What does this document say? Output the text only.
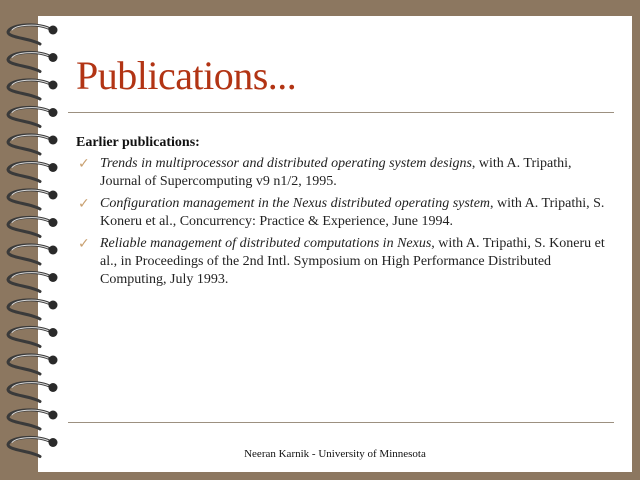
Publications...
Earlier publications:
✓ Trends in multiprocessor and distributed operating system designs, with A. Tripathi, Journal of Supercomputing v9 n1/2, 1995.
✓ Configuration management in the Nexus distributed operating system, with A. Tripathi, S. Koneru et al., Concurrency: Practice & Experience, June 1994.
✓ Reliable management of distributed computations in Nexus, with A. Tripathi, S. Koneru et al., in Proceedings of the 2nd Intl. Symposium on High Performance Distributed Computing, July 1993.
Neeran Karnik - University of Minnesota
